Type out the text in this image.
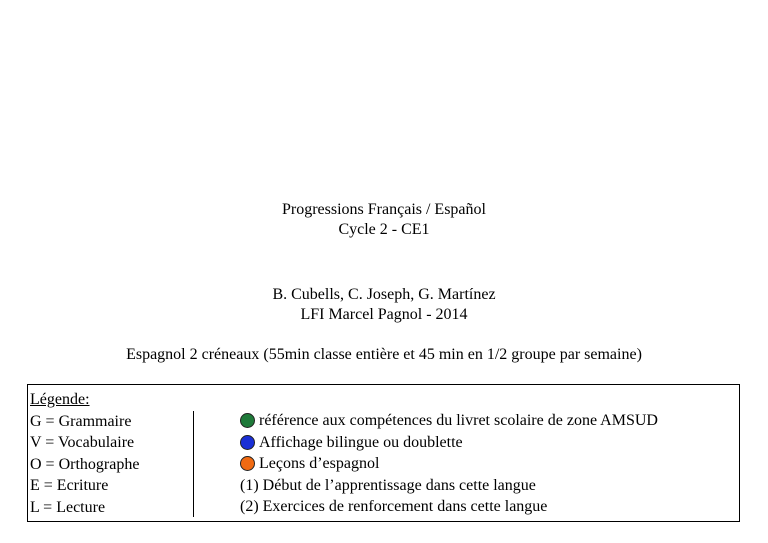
Progressions Français / Español
Cycle 2 - CE1
B. Cubells, C. Joseph, G. Martínez
LFI Marcel Pagnol - 2014
Espagnol 2 créneaux (55min classe entière et 45 min en 1/2 groupe par semaine)
Légende:
G = Grammaire
V = Vocabulaire
O = Orthographe
E = Ecriture
L = Lecture
référence aux compétences du livret scolaire de zone AMSUD
Affichage bilingue ou doublette
Leçons d’espagnol
(1) Début de l’apprentissage dans cette langue
(2) Exercices de renforcement dans cette langue
